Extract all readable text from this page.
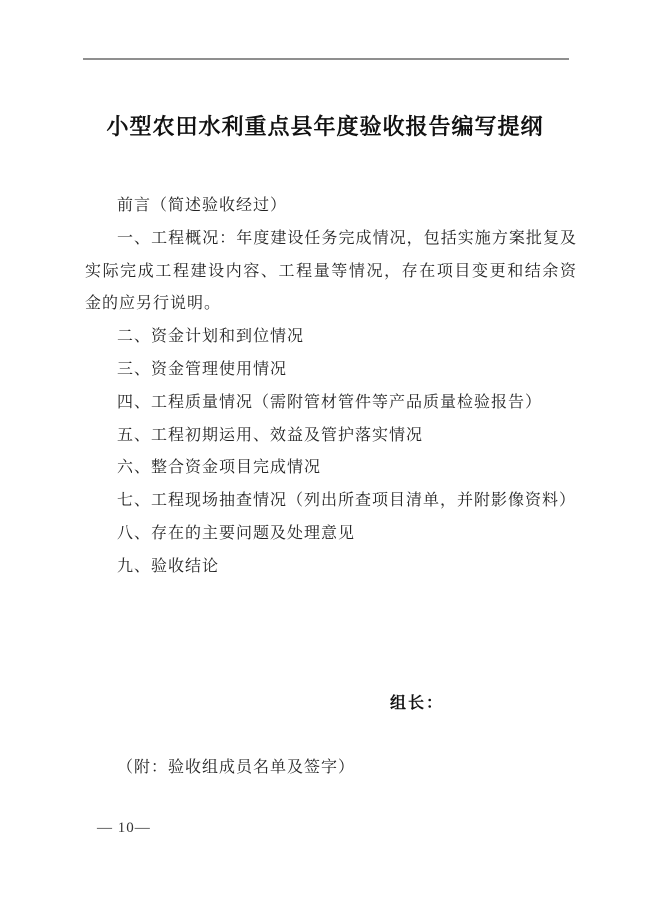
小型农田水利重点县年度验收报告编写提纲

前言（简述验收经过）

一、工程概况：年度建设任务完成情况，包括实施方案批复及实际完成工程建设内容、工程量等情况，存在项目变更和结余资金的应另行说明。

二、资金计划和到位情况

三、资金管理使用情况

四、工程质量情况（需附管材管件等产品质量检验报告）

五、工程初期运用、效益及管护落实情况

六、整合资金项目完成情况

七、工程现场抽查情况（列出所查项目清单，并附影像资料）

八、存在的主要问题及处理意见

九、验收结论

组长：
（附：验收组成员名单及签字）
— 10—
